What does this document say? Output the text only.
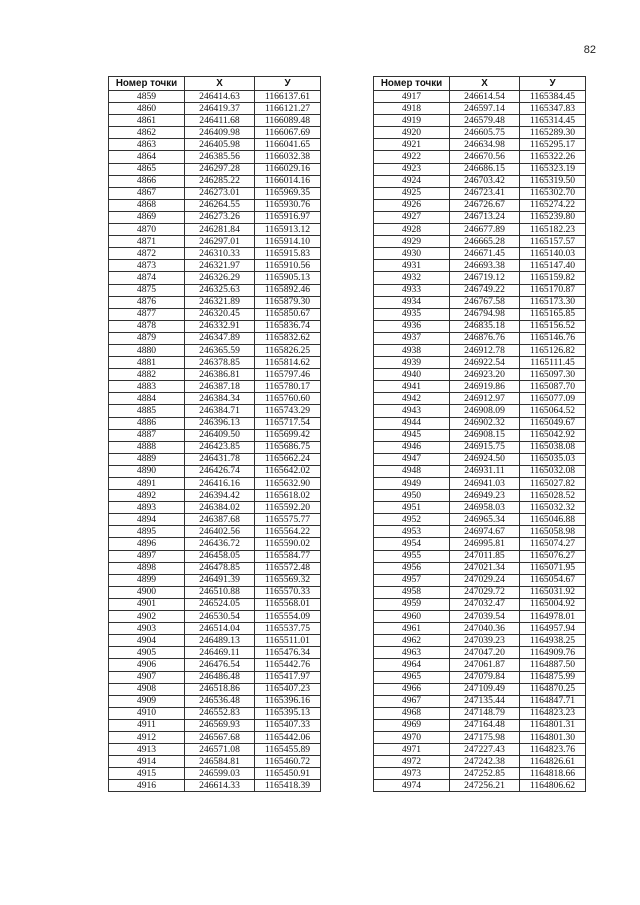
82
Номер точки	X	У
4859	246414.63	1166137.61
4860	246419.37	1166121.27
4861	246411.68	1166089.48
4862	246409.98	1166067.69
4863	246405.98	1166041.65
4864	246385.56	1166032.38
4865	246297.28	1166029.16
4866	246285.22	1166014.16
4867	246273.01	1165969.35
4868	246264.55	1165930.76
4869	246273.26	1165916.97
4870	246281.84	1165913.12
4871	246297.01	1165914.10
4872	246310.33	1165915.83
4873	246321.97	1165910.56
4874	246326.29	1165905.13
4875	246325.63	1165892.46
4876	246321.89	1165879.30
4877	246320.45	1165850.67
4878	246332.91	1165836.74
4879	246347.89	1165832.62
4880	246365.59	1165826.25
4881	246378.85	1165814.62
4882	246386.81	1165797.46
4883	246387.18	1165780.17
4884	246384.34	1165760.60
4885	246384.71	1165743.29
4886	246396.13	1165717.54
4887	246409.50	1165699.42
4888	246423.85	1165686.75
4889	246431.78	1165662.24
4890	246426.74	1165642.02
4891	246416.16	1165632.90
4892	246394.42	1165618.02
4893	246384.02	1165592.20
4894	246387.68	1165575.77
4895	246402.56	1165564.22
4896	246436.72	1165590.02
4897	246458.05	1165584.77
4898	246478.85	1165572.48
4899	246491.39	1165569.32
4900	246510.88	1165570.33
4901	246524.05	1165568.01
4902	246530.54	1165554.09
4903	246514.04	1165537.75
4904	246489.13	1165511.01
4905	246469.11	1165476.34
4906	246476.54	1165442.76
4907	246486.48	1165417.97
4908	246518.86	1165407.23
4909	246536.48	1165396.16
4910	246552.83	1165395.13
4911	246569.93	1165407.33
4912	246567.68	1165442.06
4913	246571.08	1165455.89
4914	246584.81	1165460.72
4915	246599.03	1165450.91
4916	246614.33	1165418.39
Номер точки	X	У
4917	246614.54	1165384.45
4918	246597.14	1165347.83
4919	246579.48	1165314.45
4920	246605.75	1165289.30
4921	246634.98	1165295.17
4922	246670.56	1165322.26
4923	246686.15	1165323.19
4924	246703.42	1165319.50
4925	246723.41	1165302.70
4926	246726.67	1165274.22
4927	246713.24	1165239.80
4928	246677.89	1165182.23
4929	246665.28	1165157.57
4930	246671.45	1165140.03
4931	246693.38	1165147.40
4932	246719.12	1165159.82
4933	246749.22	1165170.87
4934	246767.58	1165173.30
4935	246794.98	1165165.85
4936	246835.18	1165156.52
4937	246876.76	1165146.76
4938	246912.78	1165126.82
4939	246922.54	1165111.45
4940	246923.20	1165097.30
4941	246919.86	1165087.70
4942	246912.97	1165077.09
4943	246908.09	1165064.52
4944	246902.32	1165049.67
4945	246908.15	1165042.92
4946	246915.75	1165038.08
4947	246924.50	1165035.03
4948	246931.11	1165032.08
4949	246941.03	1165027.82
4950	246949.23	1165028.52
4951	246958.03	1165032.32
4952	246965.34	1165046.88
4953	246974.67	1165058.98
4954	246995.81	1165074.27
4955	247011.85	1165076.27
4956	247021.34	1165071.95
4957	247029.24	1165054.67
4958	247029.72	1165031.92
4959	247032.47	1165004.92
4960	247039.54	1164978.01
4961	247040.36	1164957.94
4962	247039.23	1164938.25
4963	247047.20	1164909.76
4964	247061.87	1164887.50
4965	247079.84	1164875.99
4966	247109.49	1164870.25
4967	247135.44	1164847.71
4968	247148.79	1164823.23
4969	247164.48	1164801.31
4970	247175.98	1164801.30
4971	247227.43	1164823.76
4972	247242.38	1164826.61
4973	247252.85	1164818.66
4974	247256.21	1164806.62
